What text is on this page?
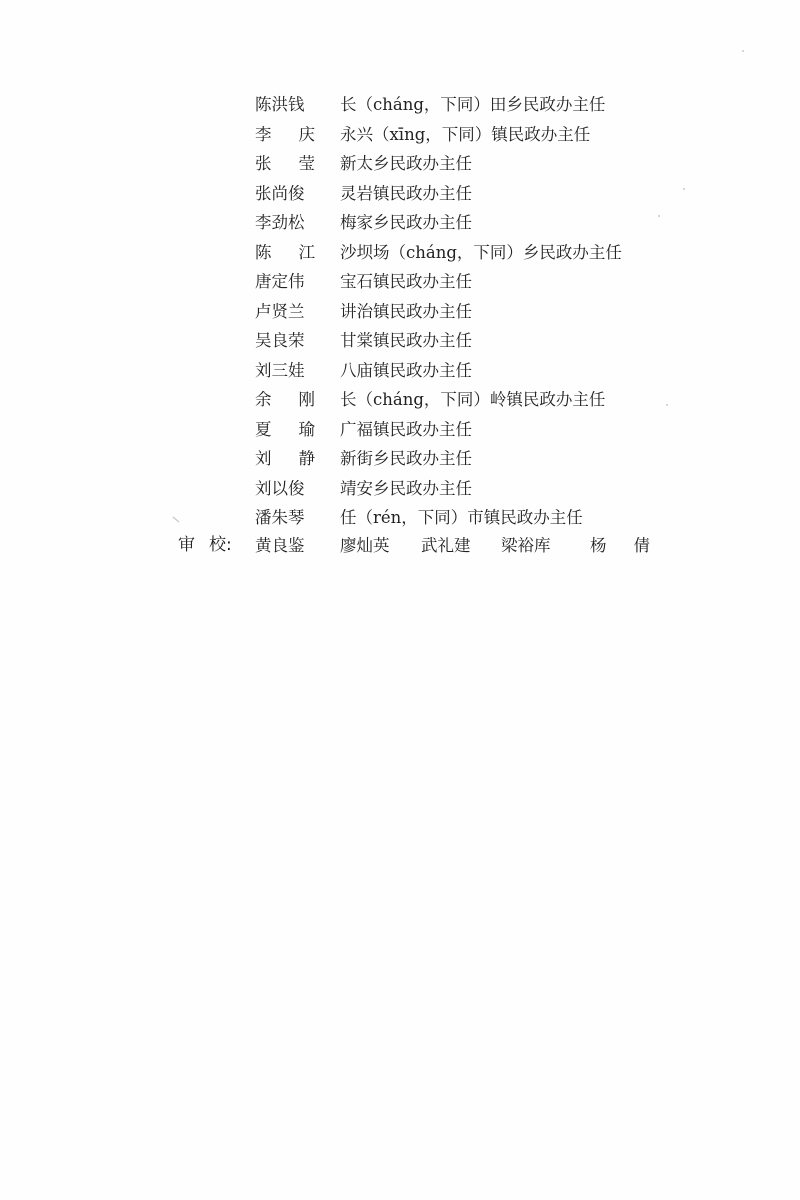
陈洪钱	长（cháng，下同）田乡民政办主任
李 庆 永兴（xīng，下同）镇民政办主任
张 莹 新太乡民政办主任
张尚俊	灵岩镇民政办主任
李劲松	梅家乡民政办主任
陈 江 沙坝场（cháng，下同）乡民政办主任
唐定伟	宝石镇民政办主任
卢贤兰	讲治镇民政办主任
吴良荣	甘棠镇民政办主任
刘三娃	八庙镇民政办主任
余 刚 长（cháng，下同）岭镇民政办主任
夏 瑜 广福镇民政办主任
刘 静 新街乡民政办主任
刘以俊	靖安乡民政办主任
潘朱琴	任（rén，下同）市镇民政办主任
审 校: 黄良鉴 廖灿英 武礼建 梁裕库 杨 倩
